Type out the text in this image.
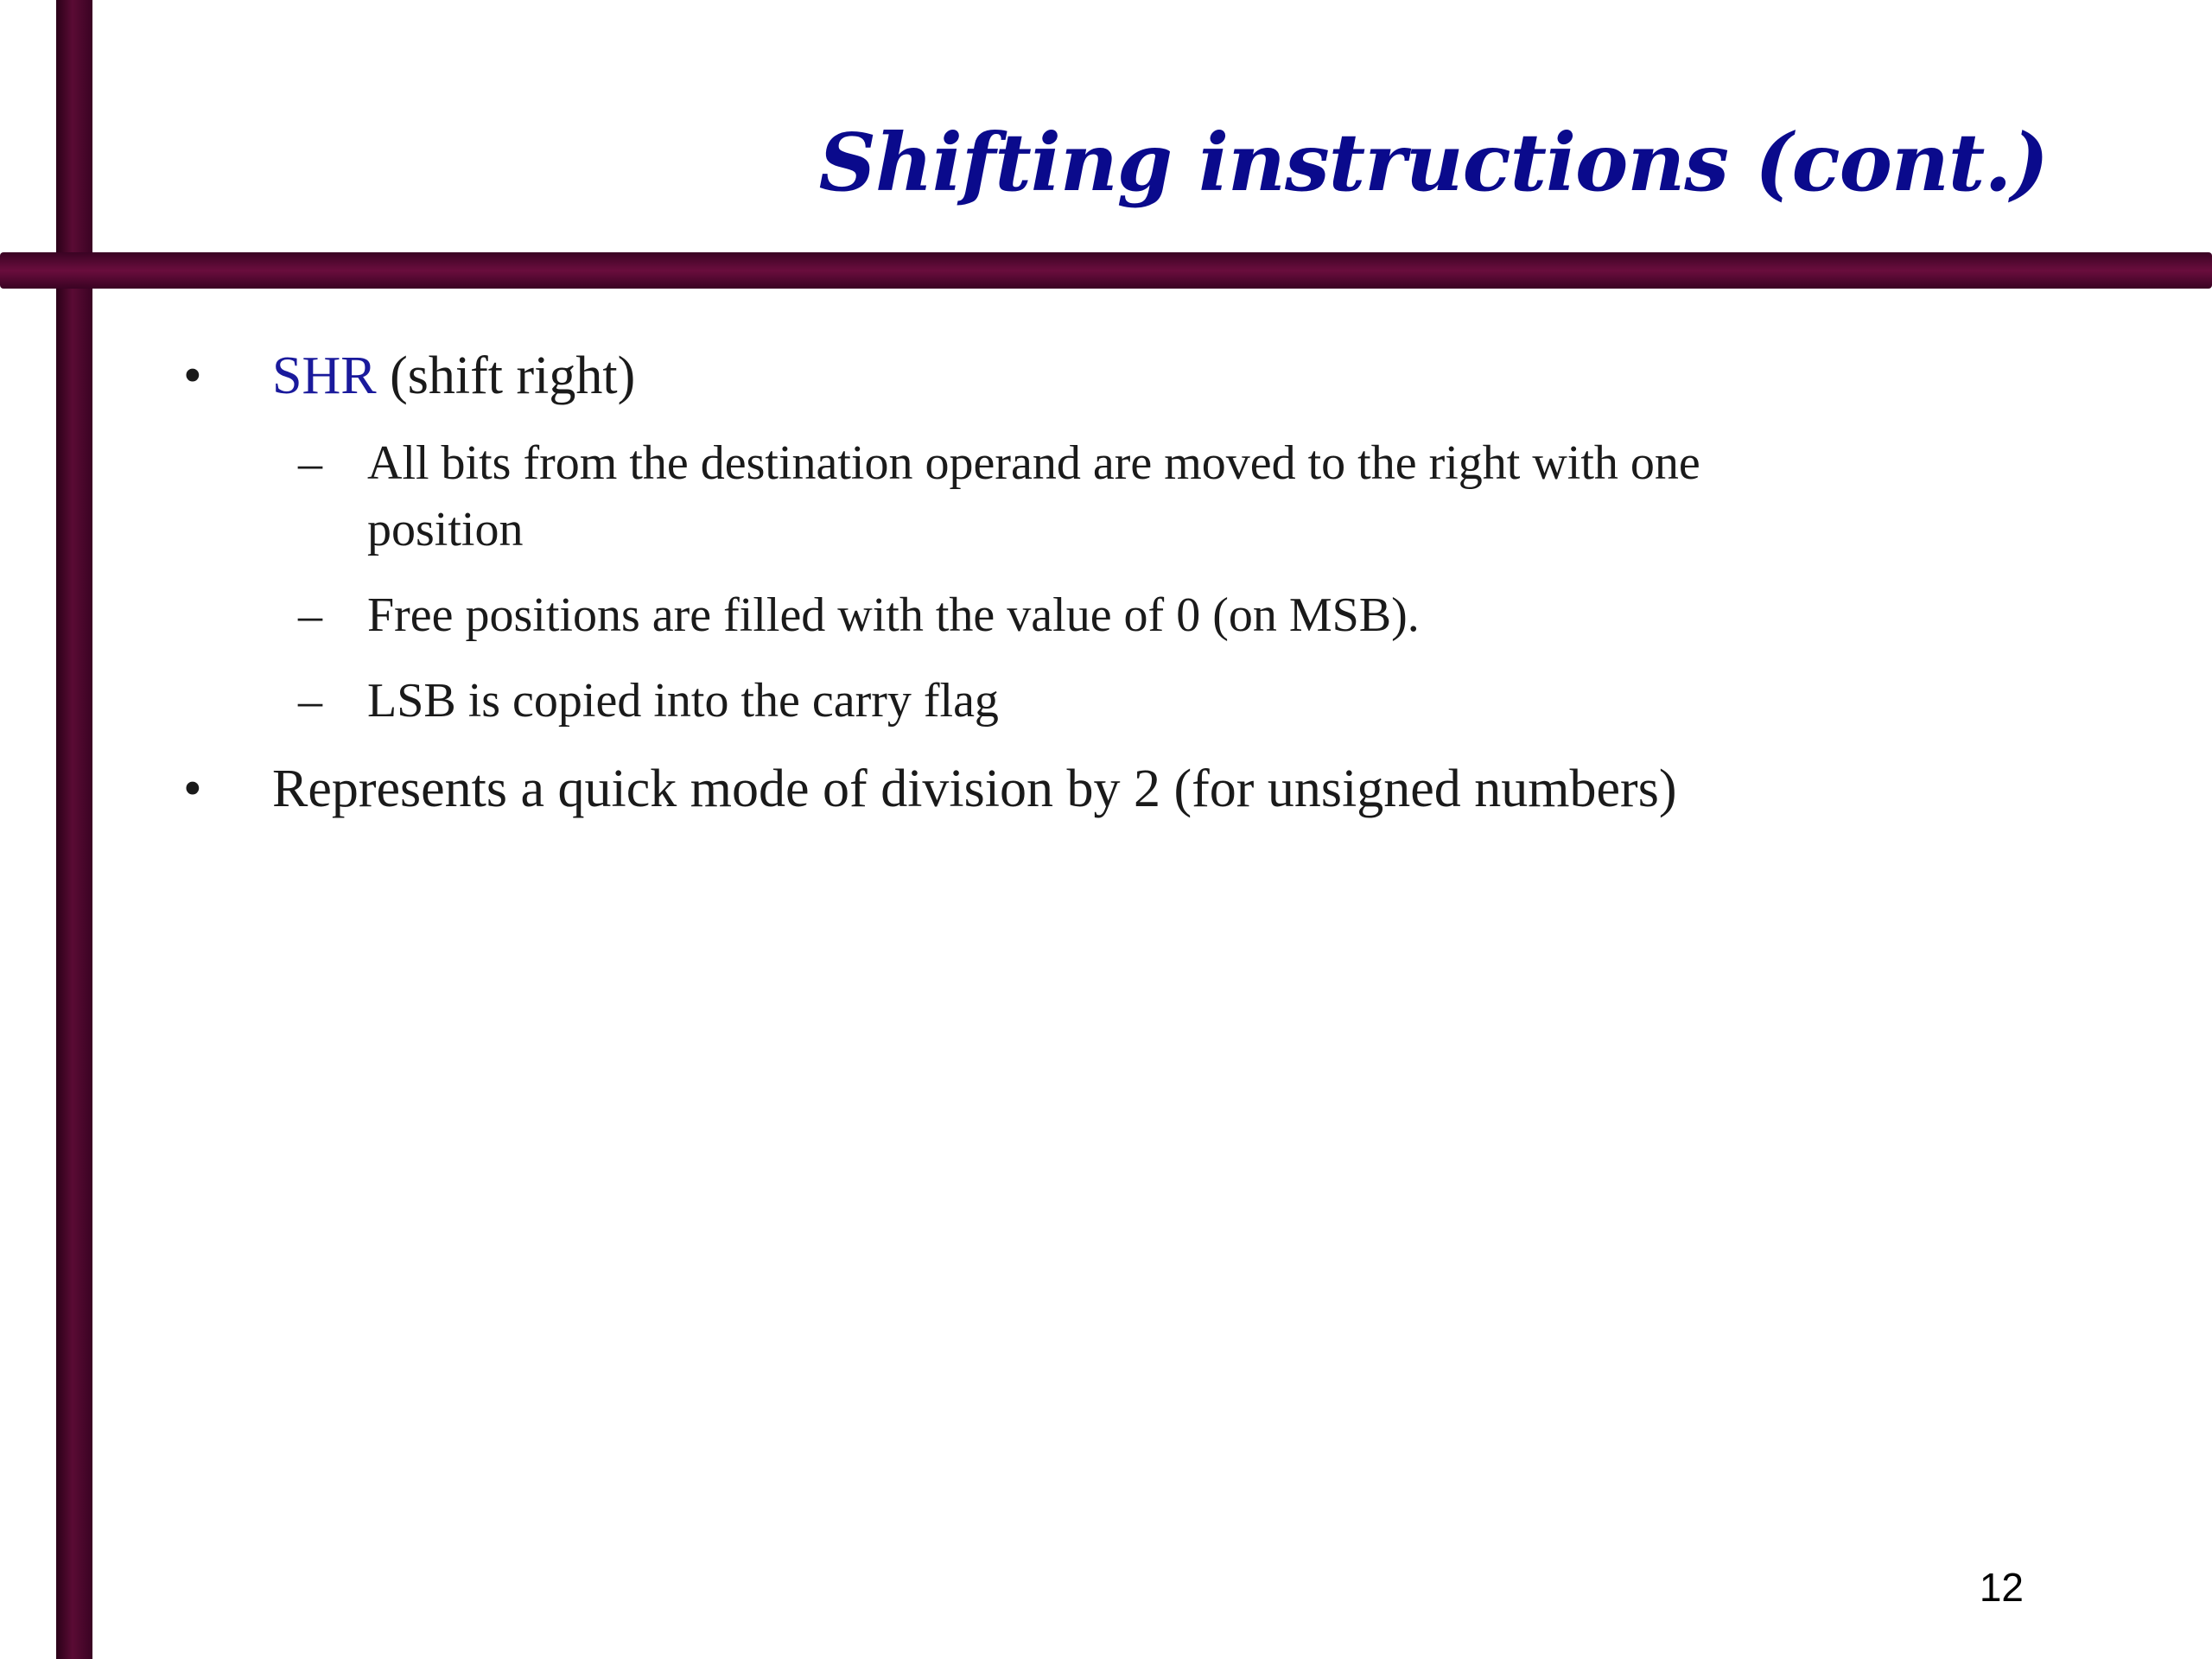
Shifting instructions (cont.)
• SHR (shift right)
– All bits from the destination operand are moved to the right with one position
– Free positions are filled with the value of 0 (on MSB).
– LSB is copied into the carry flag
• Represents a quick mode of division by 2 (for unsigned numbers)
12
